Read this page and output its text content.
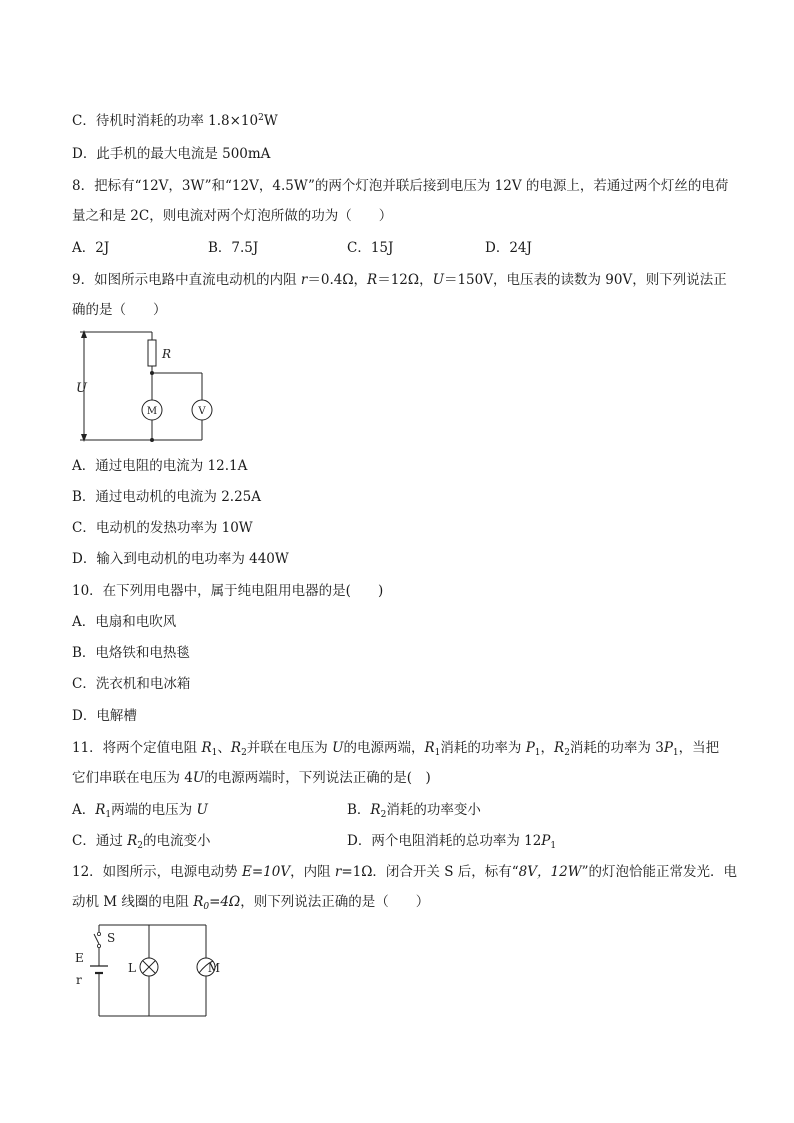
C．待机时消耗的功率 $1.8\times 10^2W$
D．此手机的最大电流是 500mA
8．把标有“12V，3W”和“12V，4.5W”的两个灯泡并联后接到电压为 12V 的电源上，若通过两个灯丝的电荷
量之和是 2C，则电流对两个灯泡所做的功为（　　）
A．2J	B．7.5J	C．15J	D．24J
9．如图所示电路中直流电动机的内阻 r＝0.4Ω，R＝12Ω，U＝150V，电压表的读数为 90V，则下列说法正
确的是（　　）
U
R
M	V
A．通过电阻的电流为 12.1A
B．通过电动机的电流为 2.25A
C．电动机的发热功率为 10W
D．输入到电动机的电功率为 440W
10．在下列用电器中，属于纯电阻用电器的是(　　)
A．电扇和电吹风
B．电烙铁和电热毯
C．洗衣机和电冰箱
D．电解槽
11．将两个定值电阻 $R_1$、$R_2$并联在电压为 U的电源两端，$R_1$消耗的功率为 $P_1$，$R_2$消耗的功率为 $3P_1$，当把
它们串联在电压为 4U的电源两端时，下列说法正确的是(　)
A．$R_1$两端的电压为 U	B．$R_2$消耗的功率变小
C．通过 $R_2$的电流变小	D．两个电阻消耗的总功率为 $12P_1$
12．如图所示，电源电动势 E=10V，内阻 r=1Ω．闭合开关 S 后，标有“8V，12W”的灯泡恰能正常发光．电
动机 M 线圈的电阻 $R_0=4\Omega$，则下列说法正确的是（　　）
S
E
r
L	M
